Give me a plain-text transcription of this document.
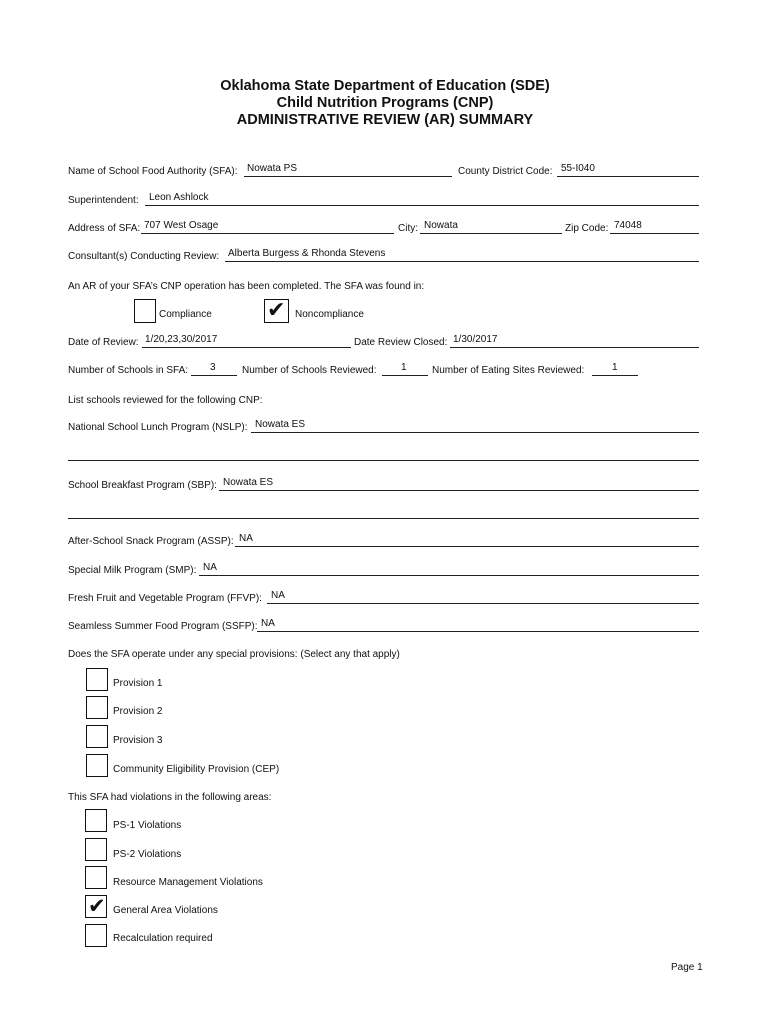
Oklahoma State Department of Education (SDE)
Child Nutrition Programs (CNP)
ADMINISTRATIVE REVIEW (AR) SUMMARY
Name of School Food Authority (SFA): Nowata PS	County District Code: 55-I040
Superintendent: Leon Ashlock
Address of SFA: 707 West Osage	City: Nowata	Zip Code: 74048
Consultant(s) Conducting Review: Alberta Burgess & Rhonda Stevens
An AR of your SFA’s CNP operation has been completed. The SFA was found in:
Compliance	✔ Noncompliance
Date of Review: 1/20,23,30/2017	Date Review Closed: 1/30/2017
Number of Schools in SFA: 3	Number of Schools Reviewed: 1	Number of Eating Sites Reviewed:	1
List schools reviewed for the following CNP:
National School Lunch Program (NSLP): Nowata ES
School Breakfast Program (SBP): Nowata ES
After-School Snack Program (ASSP): NA
Special Milk Program (SMP): NA
Fresh Fruit and Vegetable Program (FFVP): NA
Seamless Summer Food Program (SSFP): NA
Does the SFA operate under any special provisions: (Select any that apply)
Provision 1
Provision 2
Provision 3
Community Eligibility Provision (CEP)
This SFA had violations in the following areas:
PS-1 Violations
PS-2 Violations
Resource Management Violations
✔ General Area Violations
Recalculation required
Page 1
